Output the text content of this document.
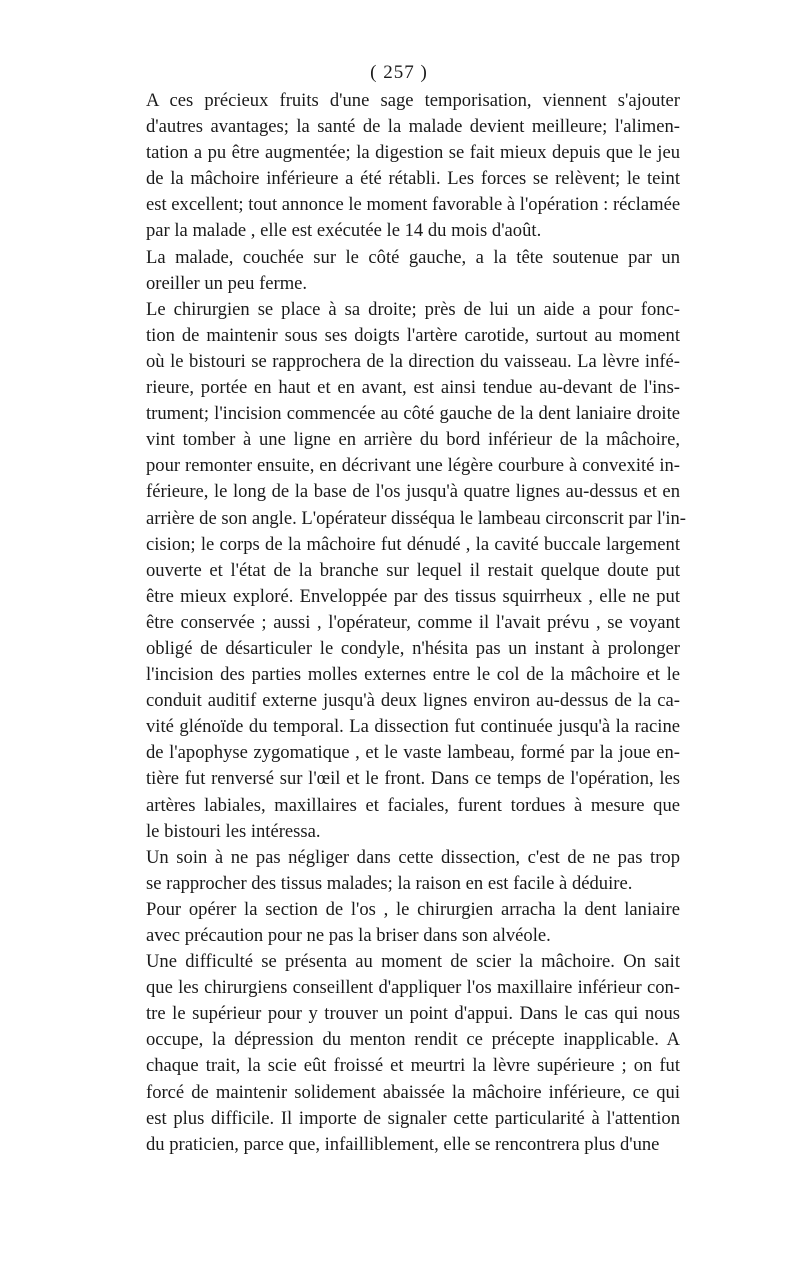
( 257 )
A ces précieux fruits d'une sage temporisation, viennent s'ajouter
d'autres avantages; la santé de la malade devient meilleure; l'alimen-
tation a pu être augmentée; la digestion se fait mieux depuis que le jeu
de la mâchoire inférieure a été rétabli. Les forces se relèvent; le teint
est excellent; tout annonce le moment favorable à l'opération : réclamée
par la malade , elle est exécutée le 14 du mois d'août.
La malade, couchée sur le côté gauche, a la tête soutenue par un
oreiller un peu ferme.
Le chirurgien se place à sa droite; près de lui un aide a pour fonc-
tion de maintenir sous ses doigts l'artère carotide, surtout au moment
où le bistouri se rapprochera de la direction du vaisseau. La lèvre infé-
rieure, portée en haut et en avant, est ainsi tendue au-devant de l'ins-
trument; l'incision commencée au côté gauche de la dent laniaire droite
vint tomber à une ligne en arrière du bord inférieur de la mâchoire,
pour remonter ensuite, en décrivant une légère courbure à convexité in-
férieure, le long de la base de l'os jusqu'à quatre lignes au-dessus et en
arrière de son angle. L'opérateur disséqua le lambeau circonscrit par l'in-
cision; le corps de la mâchoire fut dénudé , la cavité buccale largement
ouverte et l'état de la branche sur lequel il restait quelque doute put
être mieux exploré. Enveloppée par des tissus squirrheux , elle ne put
être conservée ; aussi , l'opérateur, comme il l'avait prévu , se voyant
obligé de désarticuler le condyle, n'hésita pas un instant à prolonger
l'incision des parties molles externes entre le col de la mâchoire et le
conduit auditif externe jusqu'à deux lignes environ au-dessus de la ca-
vité glénoïde du temporal. La dissection fut continuée jusqu'à la racine
de l'apophyse zygomatique , et le vaste lambeau, formé par la joue en-
tière fut renversé sur l'œil et le front. Dans ce temps de l'opération, les
artères labiales, maxillaires et faciales, furent tordues à mesure que
le bistouri les intéressa.
Un soin à ne pas négliger dans cette dissection, c'est de ne pas trop
se rapprocher des tissus malades; la raison en est facile à déduire.
Pour opérer la section de l'os , le chirurgien arracha la dent laniaire
avec précaution pour ne pas la briser dans son alvéole.
Une difficulté se présenta au moment de scier la mâchoire. On sait
que les chirurgiens conseillent d'appliquer l'os maxillaire inférieur con-
tre le supérieur pour y trouver un point d'appui. Dans le cas qui nous
occupe, la dépression du menton rendit ce précepte inapplicable. A
chaque trait, la scie eût froissé et meurtri la lèvre supérieure ; on fut
forcé de maintenir solidement abaissée la mâchoire inférieure, ce qui
est plus difficile. Il importe de signaler cette particularité à l'attention
du praticien, parce que, infailliblement, elle se rencontrera plus d'une
